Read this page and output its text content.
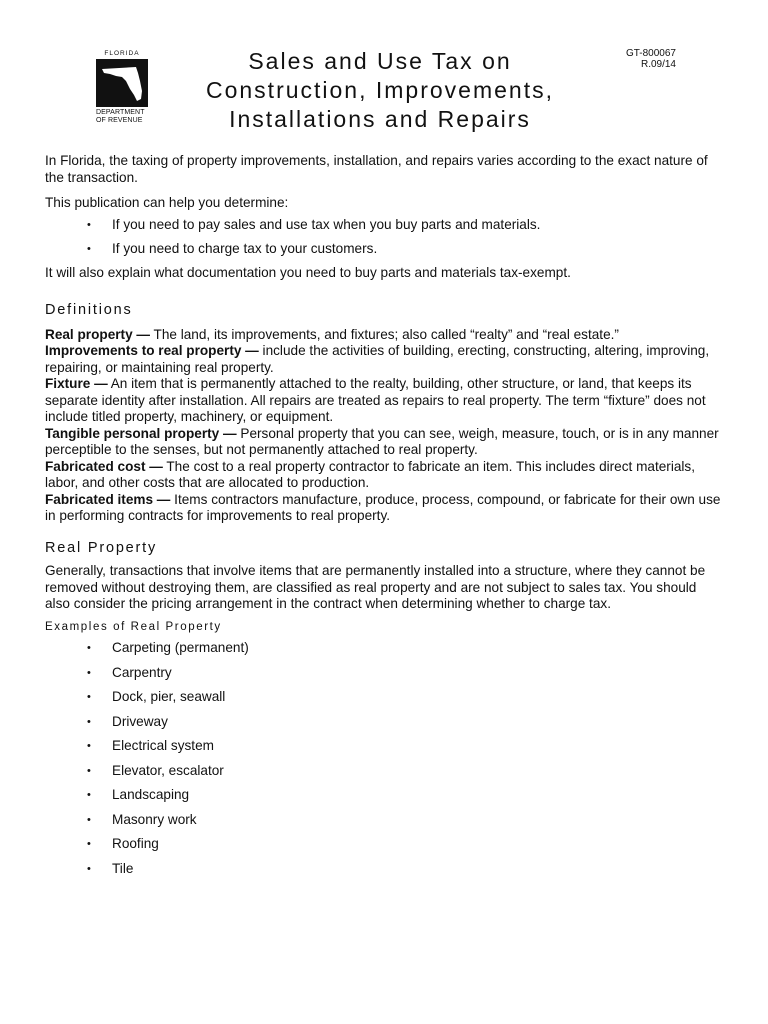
FLORIDA
DEPARTMENT
OF REVENUE
Sales and Use Tax on
Construction, Improvements,
Installations and Repairs
GT-800067
R.09/14

In Florida, the taxing of property improvements, installation, and repairs varies according to the exact nature of the transaction.

This publication can help you determine:

• If you need to pay sales and use tax when you buy parts and materials.
• If you need to charge tax to your customers.

It will also explain what documentation you need to buy parts and materials tax-exempt.

Definitions

Real property — The land, its improvements, and fixtures; also called “realty” and “real estate.”

Improvements to real property — include the activities of building, erecting, constructing, altering, improving, repairing, or maintaining real property.

Fixture — An item that is permanently attached to the realty, building, other structure, or land, that keeps its separate identity after installation. All repairs are treated as repairs to real property. The term “fixture” does not include titled property, machinery, or equipment.

Tangible personal property — Personal property that you can see, weigh, measure, touch, or is in any manner perceptible to the senses, but not permanently attached to real property.

Fabricated cost — The cost to a real property contractor to fabricate an item. This includes direct materials, labor, and other costs that are allocated to production.

Fabricated items — Items contractors manufacture, produce, process, compound, or fabricate for their own use in performing contracts for improvements to real property.

Real Property

Generally, transactions that involve items that are permanently installed into a structure, where they cannot be removed without destroying them, are classified as real property and are not subject to sales tax. You should also consider the pricing arrangement in the contract when determining whether to charge tax.

Examples of Real Property

• Carpeting (permanent)
• Carpentry
• Dock, pier, seawall
• Driveway
• Electrical system
• Elevator, escalator
• Landscaping
• Masonry work
• Roofing
• Tile
